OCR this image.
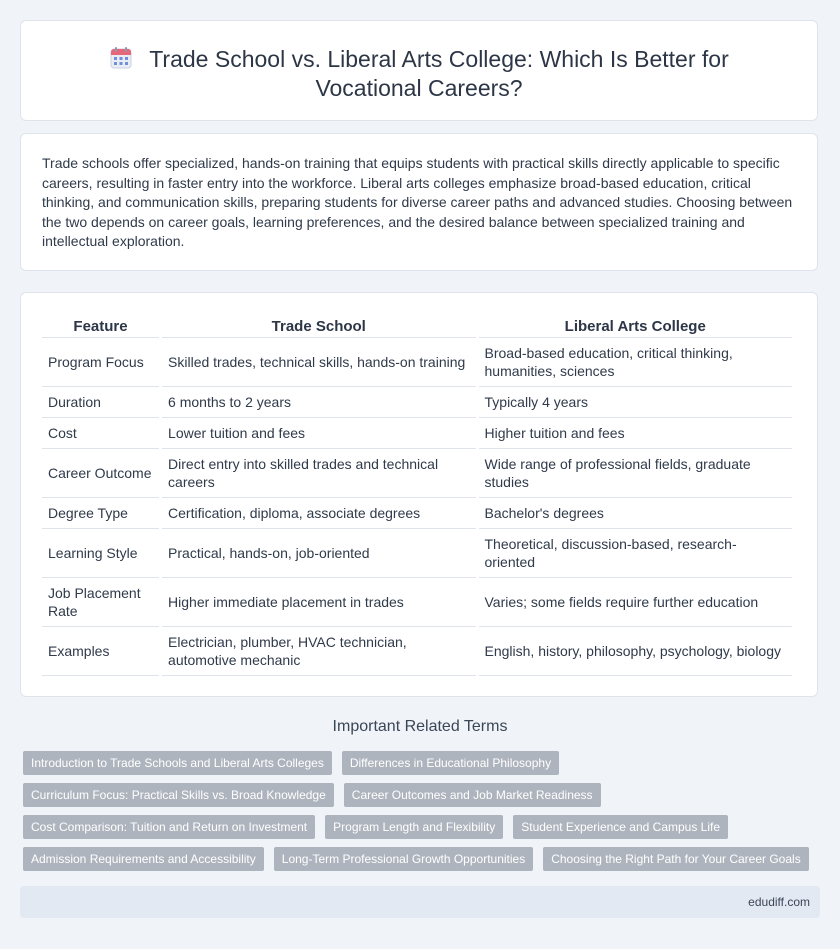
Trade School vs. Liberal Arts College: Which Is Better for
Vocational Careers?

Trade schools offer specialized, hands-on training that equips students with practical skills directly applicable to specific careers, resulting in faster entry into the workforce. Liberal arts colleges emphasize broad-based education, critical thinking, and communication skills, preparing students for diverse career paths and advanced studies. Choosing between the two depends on career goals, learning preferences, and the desired balance between specialized training and intellectual exploration.

Feature	Trade School	Liberal Arts College
Program Focus	Skilled trades, technical skills, hands-on training	Broad-based education, critical thinking, humanities, sciences
Duration	6 months to 2 years	Typically 4 years
Cost	Lower tuition and fees	Higher tuition and fees
Career Outcome	Direct entry into skilled trades and technical careers	Wide range of professional fields, graduate studies
Degree Type	Certification, diploma, associate degrees	Bachelor's degrees
Learning Style	Practical, hands-on, job-oriented	Theoretical, discussion-based, research-oriented
Job Placement Rate	Higher immediate placement in trades	Varies; some fields require further education
Examples	Electrician, plumber, HVAC technician, automotive mechanic	English, history, philosophy, psychology, biology
Important Related Terms
Introduction to Trade Schools and Liberal Arts Colleges	Differences in Educational Philosophy
Curriculum Focus: Practical Skills vs. Broad Knowledge	Career Outcomes and Job Market Readiness
Cost Comparison: Tuition and Return on Investment	Program Length and Flexibility	Student Experience and Campus Life
Admission Requirements and Accessibility	Long-Term Professional Growth Opportunities	Choosing the Right Path for Your Career Goals
edudiff.com
